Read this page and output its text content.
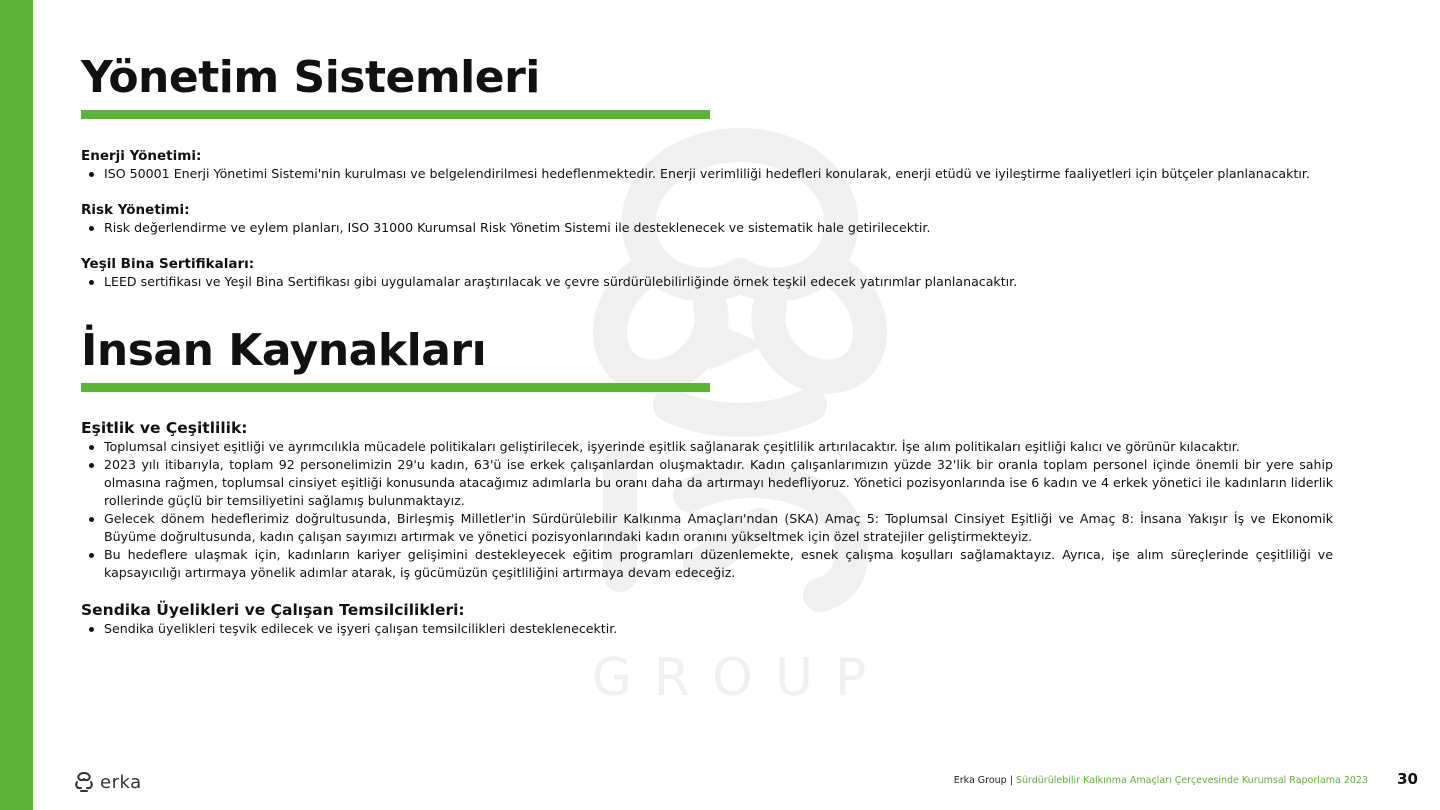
GROUP
Yönetim Sistemleri
Enerji Yönetimi:
ISO 50001 Enerji Yönetimi Sistemi'nin kurulması ve belgelendirilmesi hedeflenmektedir. Enerji verimliliği hedefleri konularak, enerji etüdü ve iyileştirme faaliyetleri için bütçeler planlanacaktır.
Risk Yönetimi:
Risk değerlendirme ve eylem planları, ISO 31000 Kurumsal Risk Yönetim Sistemi ile desteklenecek ve sistematik hale getirilecektir.
Yeşil Bina Sertifikaları:
LEED sertifikası ve Yeşil Bina Sertifikası gibi uygulamalar araştırılacak ve çevre sürdürülebilirliğinde örnek teşkil edecek yatırımlar planlanacaktır.
İnsan Kaynakları
Eşitlik ve Çeşitlilik:
Toplumsal cinsiyet eşitliği ve ayrımcılıkla mücadele politikaları geliştirilecek, işyerinde eşitlik sağlanarak çeşitlilik artırılacaktır. İşe alım politikaları eşitliği kalıcı ve görünür kılacaktır.
2023 yılı itibarıyla, toplam 92 personelimizin 29'u kadın, 63'ü ise erkek çalışanlardan oluşmaktadır. Kadın çalışanlarımızın yüzde 32'lik bir oranla toplam personel içinde önemli bir yere sahip olmasına rağmen, toplumsal cinsiyet eşitliği konusunda atacağımız adımlarla bu oranı daha da artırmayı hedefliyoruz. Yönetici pozisyonlarında ise 6 kadın ve 4 erkek yönetici ile kadınların liderlik rollerinde güçlü bir temsiliyetini sağlamış bulunmaktayız.
Gelecek dönem hedeflerimiz doğrultusunda, Birleşmiş Milletler'in Sürdürülebilir Kalkınma Amaçları'ndan (SKA) Amaç 5: Toplumsal Cinsiyet Eşitliği ve Amaç 8: İnsana Yakışır İş ve Ekonomik Büyüme doğrultusunda, kadın çalışan sayımızı artırmak ve yönetici pozisyonlarındaki kadın oranını yükseltmek için özel stratejiler geliştirmekteyiz.
Bu hedeflere ulaşmak için, kadınların kariyer gelişimini destekleyecek eğitim programları düzenlemekte, esnek çalışma koşulları sağlamaktayız. Ayrıca, işe alım süreçlerinde çeşitliliği ve kapsayıcılığı artırmaya yönelik adımlar atarak, iş gücümüzün çeşitliliğini artırmaya devam edeceğiz.
Sendika Üyelikleri ve Çalışan Temsilcilikleri:
Sendika üyelikleri teşvik edilecek ve işyeri çalışan temsilcilikleri desteklenecektir.
erka	Erka Group | Sürdürülebilir Kalkınma Amaçları Çerçevesinde Kurumsal Raporlama 2023 30
